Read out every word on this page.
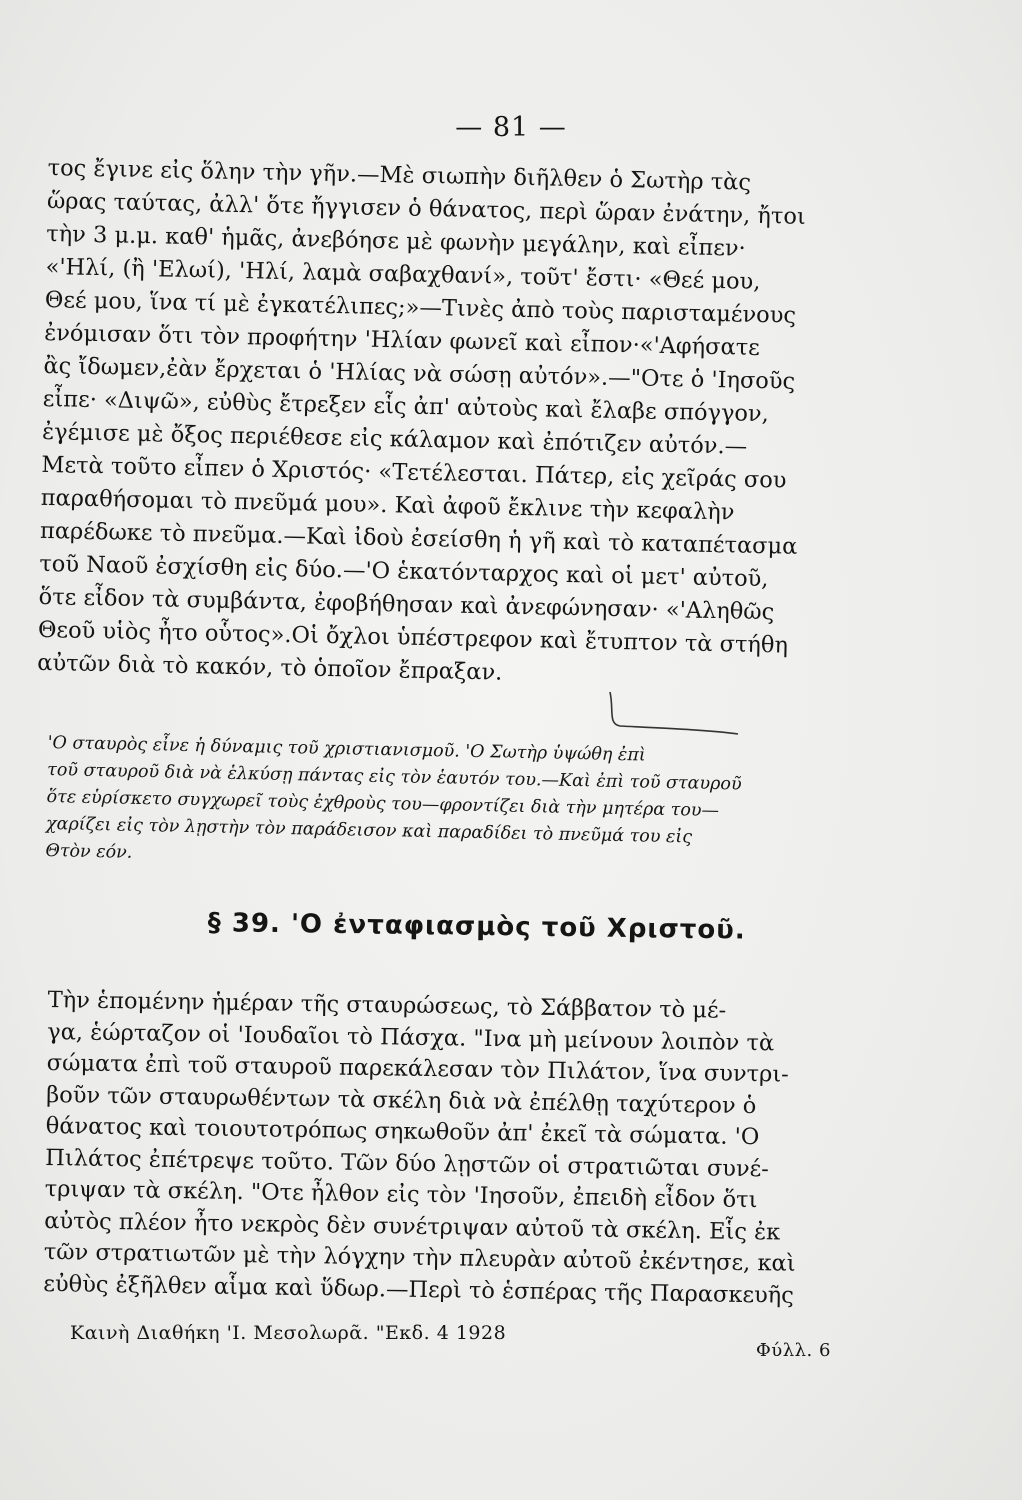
— 81 —
τος ἔγινε εἰς ὅλην τὴν γῆν.—Μὲ σιωπὴν διῆλθεν ὁ Σωτὴρ τὰς
ὥρας ταύτας, ἀλλ' ὅτε ἤγγισεν ὁ θάνατος, περὶ ὥραν ἐνάτην, ἤτοι
τὴν 3 μ.μ. καθ' ἡμᾶς, ἀνεβόησε μὲ φωνὴν μεγάλην, καὶ εἶπεν·
«'Ηλί, (ἢ 'Ελωί), 'Ηλί, λαμὰ σαβαχθανί», τοῦτ' ἔστι· «Θεέ μου,
Θεέ μου, ἵνα τί μὲ ἐγκατέλιπες;»—Τινὲς ἀπὸ τοὺς παρισταμένους
ἐνόμισαν ὅτι τὸν προφήτην 'Ηλίαν φωνεῖ καὶ εἶπον·«'Αφήσατε
ἂς ἴδωμεν,ἐὰν ἔρχεται ὁ 'Ηλίας νὰ σώσῃ αὐτόν».—"Οτε ὁ 'Ιησοῦς
εἶπε· «Διψῶ», εὐθὺς ἔτρεξεν εἷς ἀπ' αὐτοὺς καὶ ἔλαβε σπόγγον,
ἐγέμισε μὲ ὄξος περιέθεσε εἰς κάλαμον καὶ ἐπότιζεν αὐτόν.—
Μετὰ τοῦτο εἶπεν ὁ Χριστός· «Τετέλεσται. Πάτερ, εἰς χεῖράς σου
παραθήσομαι τὸ πνεῦμά μου». Καὶ ἀφοῦ ἔκλινε τὴν κεφαλὴν
παρέδωκε τὸ πνεῦμα.—Καὶ ἰδοὺ ἐσείσθη ἡ γῆ καὶ τὸ καταπέτασμα
τοῦ Ναοῦ ἐσχίσθη εἰς δύο.—'Ο ἑκατόνταρχος καὶ οἱ μετ' αὐτοῦ,
ὅτε εἶδον τὰ συμβάντα, ἐφοβήθησαν καὶ ἀνεφώνησαν· «'Αληθῶς
Θεοῦ υἱὸς ἦτο οὗτος».Οἱ ὄχλοι ὑπέστρεφον καὶ ἔτυπτον τὰ στήθη
αὐτῶν διὰ τὸ κακόν, τὸ ὁποῖον ἔπραξαν.
'Ο σταυρὸς εἶνε ἡ δύναμις τοῦ χριστιανισμοῦ. 'Ο Σωτὴρ ὑψώθη ἐπὶ
τοῦ σταυροῦ διὰ νὰ ἑλκύσῃ πάντας εἰς τὸν ἑαυτόν του.—Καὶ ἐπὶ τοῦ σταυροῦ
ὅτε εὑρίσκετο συγχωρεῖ τοὺς ἐχθροὺς του—φροντίζει διὰ τὴν μητέρα του—
χαρίζει εἰς τὸν λῃστὴν τὸν παράδεισον καὶ παραδίδει τὸ πνεῦμά του εἰς
Θτὸν εόν.
§ 39. 'Ο ἐνταφιασμὸς τοῦ Χριστοῦ.
Τὴν ἑπομένην ἡμέραν τῆς σταυρώσεως, τὸ Σάββατον τὸ μέ-
γα, ἑώρταζον οἱ 'Ιουδαῖοι τὸ Πάσχα. "Ινα μὴ μείνουν λοιπὸν τὰ
σώματα ἐπὶ τοῦ σταυροῦ παρεκάλεσαν τὸν Πιλάτον, ἵνα συντρι-
βοῦν τῶν σταυρωθέντων τὰ σκέλη διὰ νὰ ἐπέλθῃ ταχύτερον ὁ
θάνατος καὶ τοιουτοτρόπως σηκωθοῦν ἀπ' ἐκεῖ τὰ σώματα. 'Ο
Πιλάτος ἐπέτρεψε τοῦτο. Τῶν δύο λῃστῶν οἱ στρατιῶται συνέ-
τριψαν τὰ σκέλη. "Οτε ἦλθον εἰς τὸν 'Ιησοῦν, ἐπειδὴ εἶδον ὅτι
αὐτὸς πλέον ἦτο νεκρὸς δὲν συνέτριψαν αὐτοῦ τὰ σκέλη. Εἷς ἐκ
τῶν στρατιωτῶν μὲ τὴν λόγχην τὴν πλευρὰν αὐτοῦ ἐκέντησε, καὶ
εὐθὺς ἐξῆλθεν αἷμα καὶ ὕδωρ.—Περὶ τὸ ἑσπέρας τῆς Παρασκευῆς
Καινὴ Διαθήκη 'Ι. Μεσολωρᾶ. "Εκδ. 4 1928
Φύλλ. 6
